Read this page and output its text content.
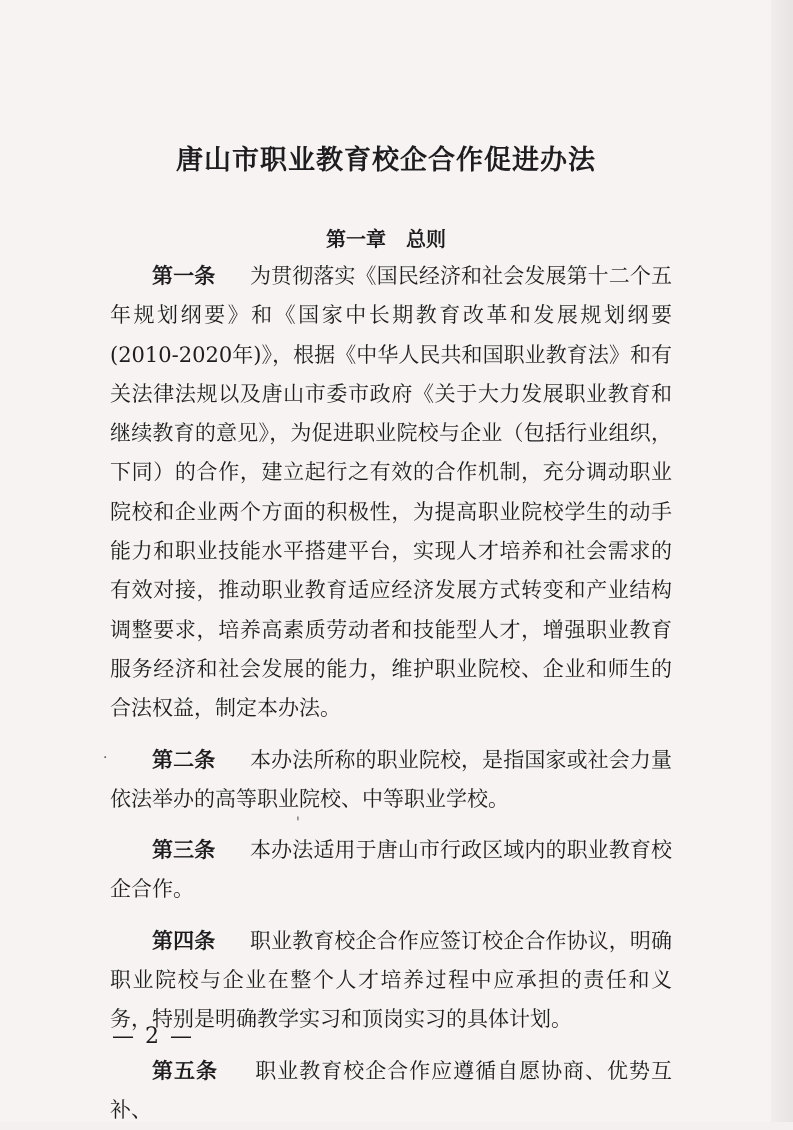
唐山市职业教育校企合作促进办法
第一章　总则

第一条 　 为贯彻落实《国民经济和社会发展第十二个五年规划纲要》和《国家中长期教育改革和发展规划纲要(2010-2020年)》，根据《中华人民共和国职业教育法》和有关法律法规以及唐山市委市政府《关于大力发展职业教育和继续教育的意见》，为促进职业院校与企业（包括行业组织，下同）的合作，建立起行之有效的合作机制，充分调动职业院校和企业两个方面的积极性，为提高职业院校学生的动手能力和职业技能水平搭建平台，实现人才培养和社会需求的有效对接，推动职业教育适应经济发展方式转变和产业结构调整要求，培养高素质劳动者和技能型人才，增强职业教育服务经济和社会发展的能力，维护职业院校、企业和师生的合法权益，制定本办法。

第二条 　 本办法所称的职业院校，是指国家或社会力量依法举办的高等职业院校、中等职业学校。

第三条 　 本办法适用于唐山市行政区域内的职业教育校企合作。

第四条 　 职业教育校企合作应签订校企合作协议，明确职业院校与企业在整个人才培养过程中应承担的责任和义务，特别是明确教学实习和顶岗实习的具体计划。

第五条 　 职业教育校企合作应遵循自愿协商、优势互补、

— 2 —
·
'
